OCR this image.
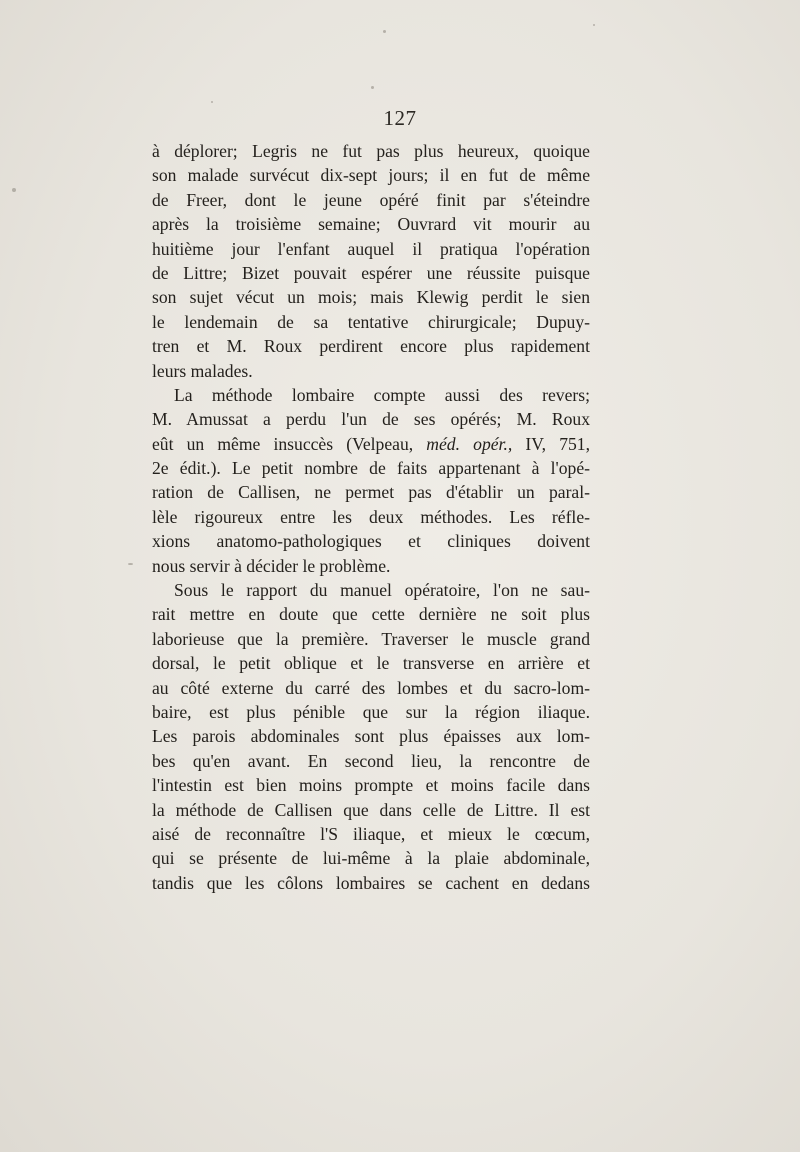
127
à déplorer; Legris ne fut pas plus heureux, quoique
son malade survécut dix-sept jours; il en fut de même
de Freer, dont le jeune opéré finit par s'éteindre
après la troisième semaine; Ouvrard vit mourir au
huitième jour l'enfant auquel il pratiqua l'opération
de Littre; Bizet pouvait espérer une réussite puisque
son sujet vécut un mois; mais Klewig perdit le sien
le lendemain de sa tentative chirurgicale; Dupuy-
tren et M. Roux perdirent encore plus rapidement
leurs malades.
La méthode lombaire compte aussi des revers;
M. Amussat a perdu l'un de ses opérés; M. Roux
eût un même insuccès (Velpeau, méd. opér., IV, 751,
2e édit.). Le petit nombre de faits appartenant à l'opé-
ration de Callisen, ne permet pas d'établir un paral-
lèle rigoureux entre les deux méthodes. Les réfle-
xions anatomo-pathologiques et cliniques doivent
nous servir à décider le problème.
Sous le rapport du manuel opératoire, l'on ne sau-
rait mettre en doute que cette dernière ne soit plus
laborieuse que la première. Traverser le muscle grand
dorsal, le petit oblique et le transverse en arrière et
au côté externe du carré des lombes et du sacro-lom-
baire, est plus pénible que sur la région iliaque.
Les parois abdominales sont plus épaisses aux lom-
bes qu'en avant. En second lieu, la rencontre de
l'intestin est bien moins prompte et moins facile dans
la méthode de Callisen que dans celle de Littre. Il est
aisé de reconnaître l'S iliaque, et mieux le cœcum,
qui se présente de lui-même à la plaie abdominale,
tandis que les côlons lombaires se cachent en dedans
